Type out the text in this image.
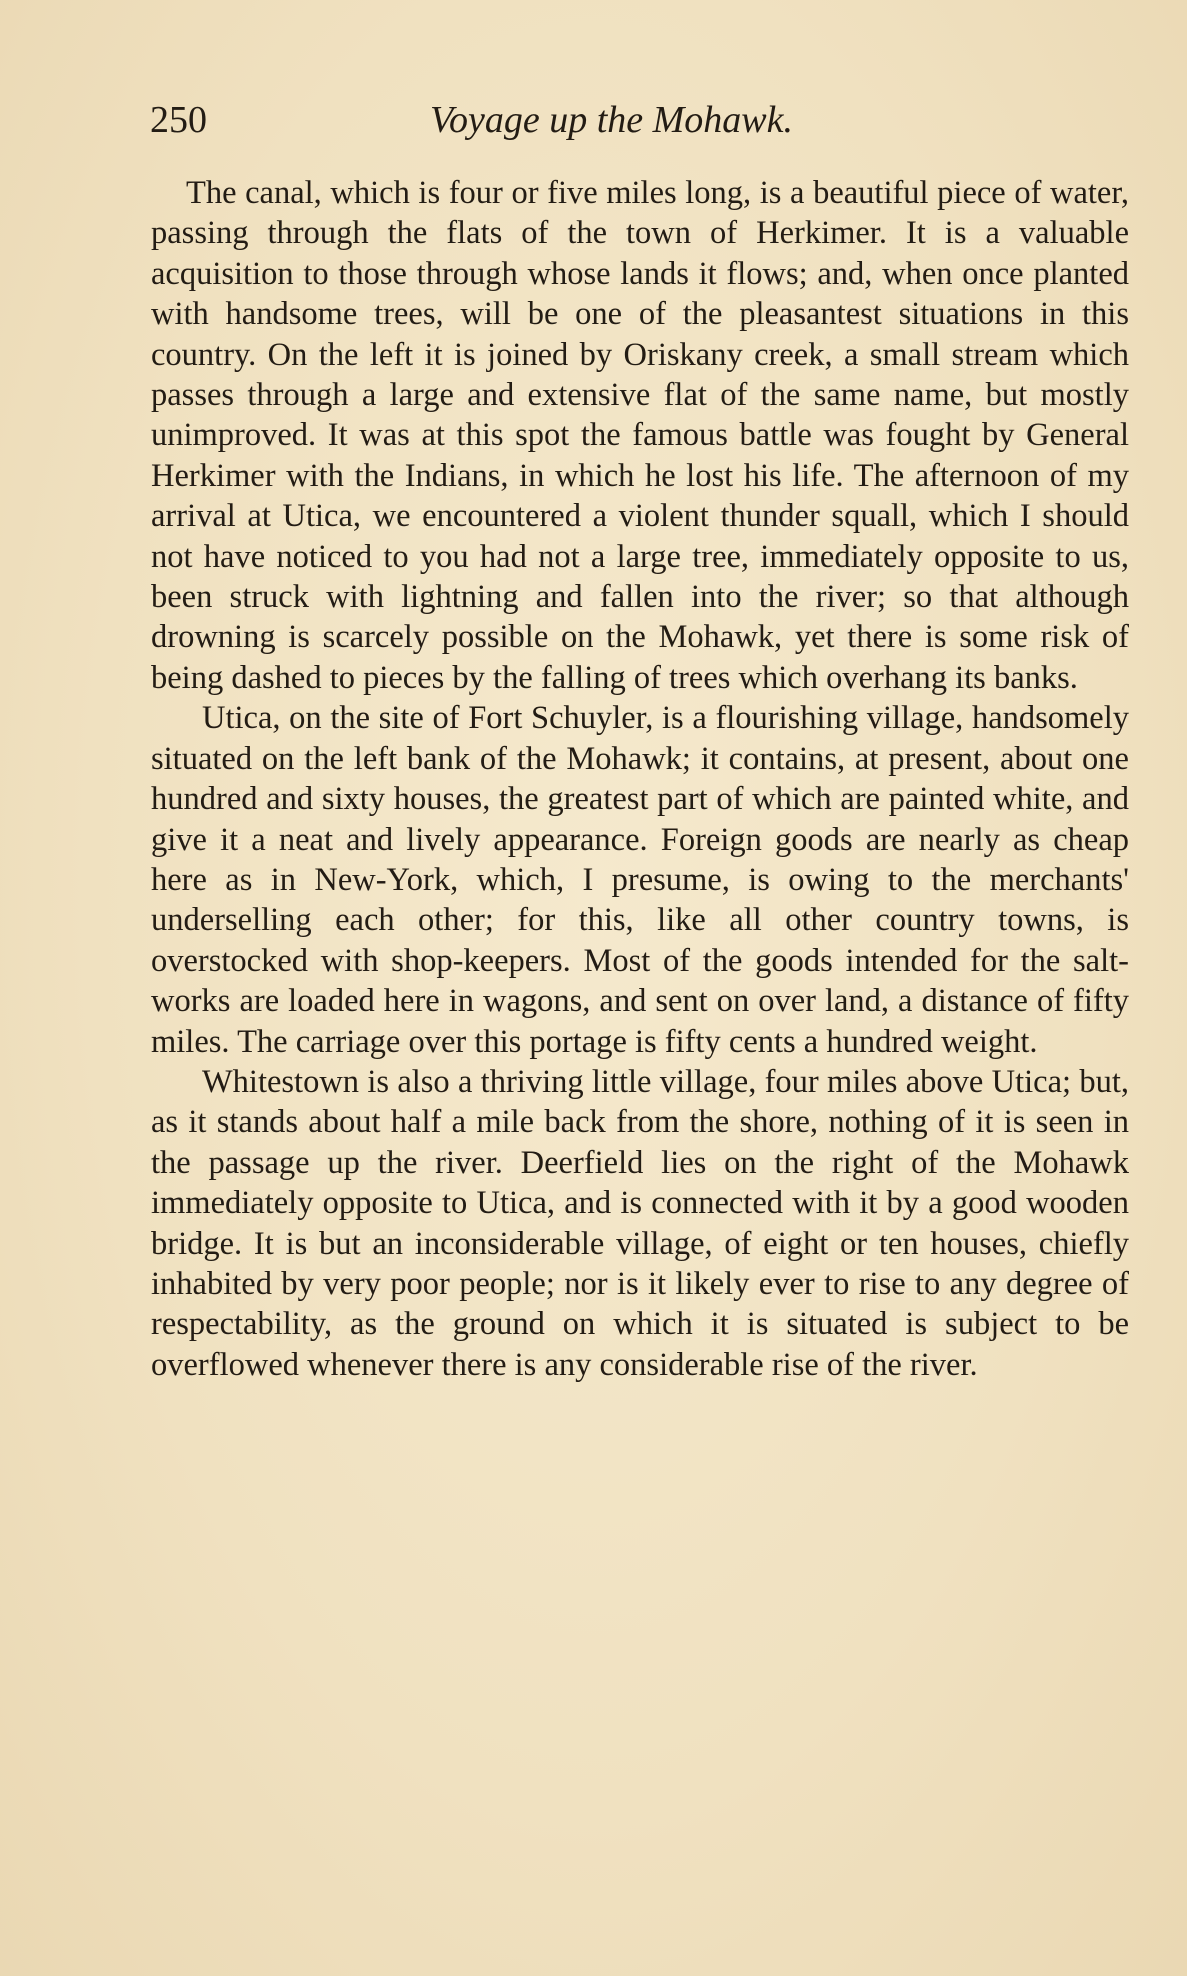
250	Voyage up the Mohawk.

The canal, which is four or five miles long, is a beautiful piece of water, passing through the flats of the town of Herkimer. It is a valuable acquisition to those through whose lands it flows; and, when once planted with handsome trees, will be one of the pleasantest situations in this country. On the left it is joined by Oriskany creek, a small stream which passes through a large and extensive flat of the same name, but mostly unimproved. It was at this spot the famous battle was fought by General Herkimer with the Indians, in which he lost his life. The afternoon of my arrival at Utica, we encountered a violent thunder squall, which I should not have noticed to you had not a large tree, immediately opposite to us, been struck with lightning and fallen into the river; so that although drowning is scarcely possible on the Mohawk, yet there is some risk of being dashed to pieces by the falling of trees which overhang its banks.

Utica, on the site of Fort Schuyler, is a flourishing village, handsomely situated on the left bank of the Mohawk; it contains, at present, about one hundred and sixty houses, the greatest part of which are painted white, and give it a neat and lively appearance. Foreign goods are nearly as cheap here as in New-York, which, I presume, is owing to the merchants' underselling each other; for this, like all other country towns, is overstocked with shop-keepers. Most of the goods intended for the salt-works are loaded here in wagons, and sent on over land, a distance of fifty miles. The carriage over this portage is fifty cents a hundred weight.

Whitestown is also a thriving little village, four miles above Utica; but, as it stands about half a mile back from the shore, nothing of it is seen in the passage up the river. Deerfield lies on the right of the Mohawk immediately opposite to Utica, and is connected with it by a good wooden bridge. It is but an inconsiderable village, of eight or ten houses, chiefly inhabited by very poor people; nor is it likely ever to rise to any degree of respectability, as the ground on which it is situated is subject to be overflowed whenever there is any considerable rise of the river.
